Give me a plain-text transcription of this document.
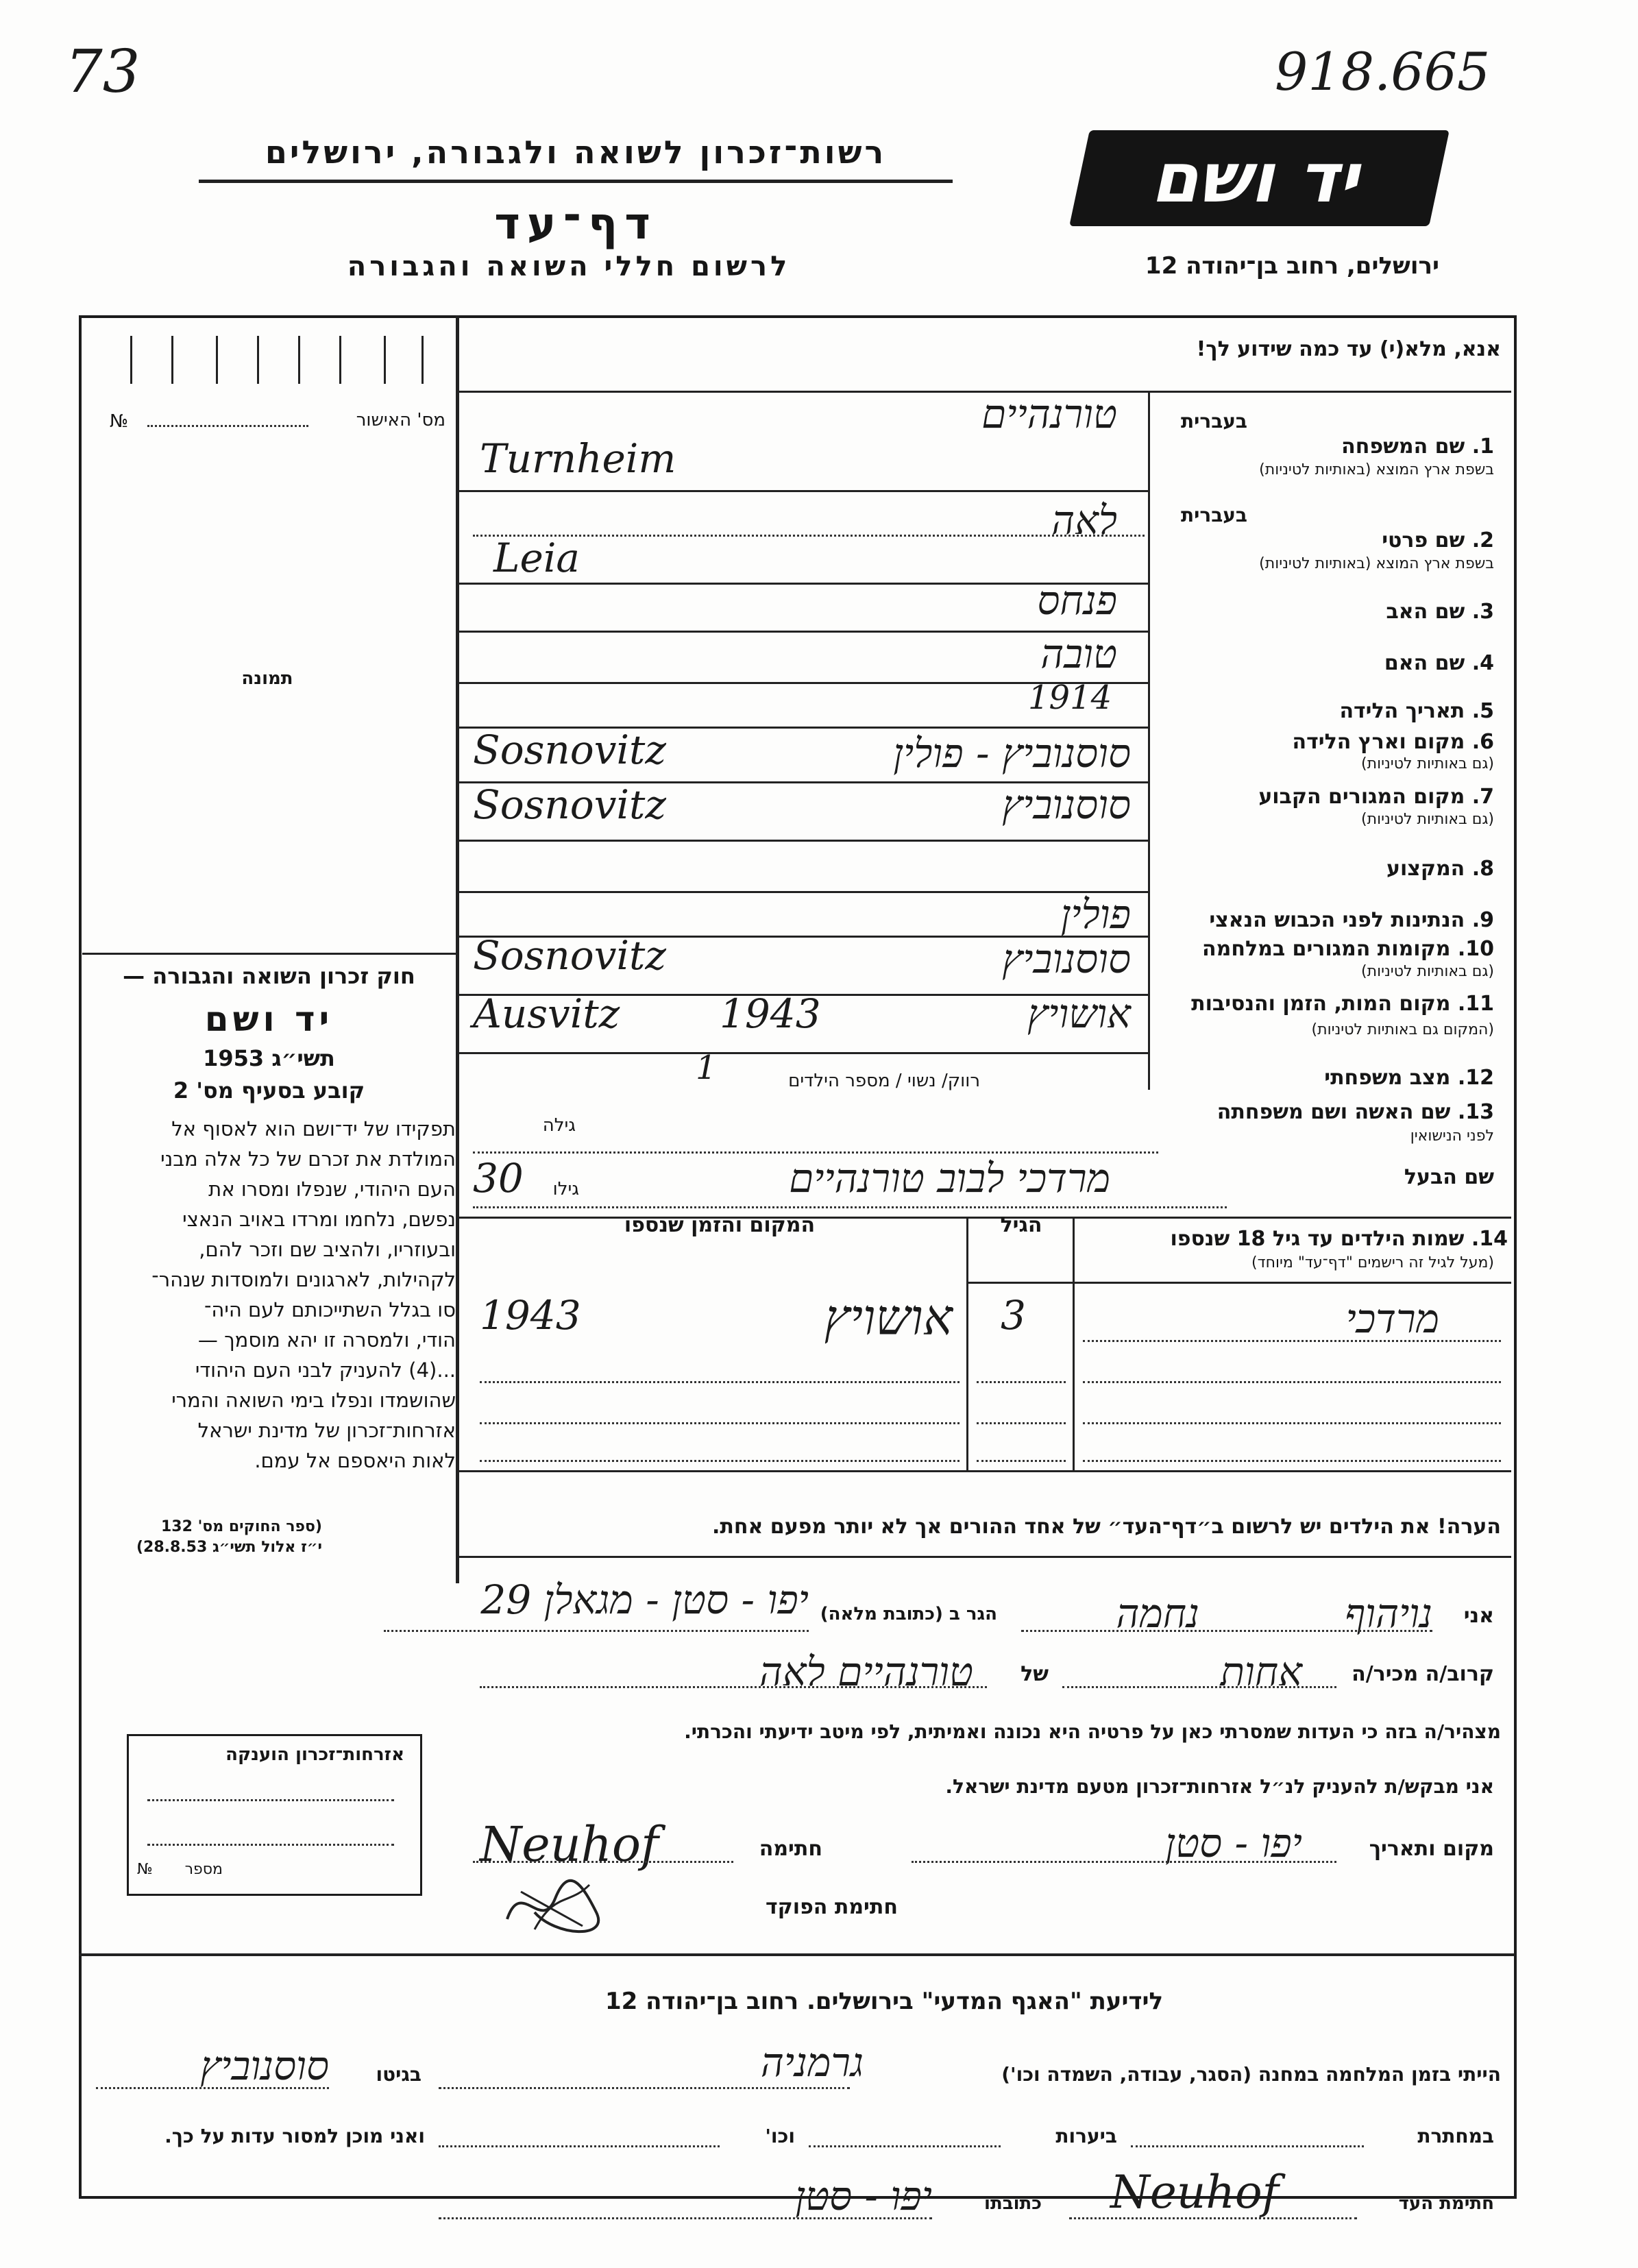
73	918.665
יד ושם
רשות־זכרון לשואה ולגבורה, ירושלים
דף־עד
לרשום חללי השואה והגבורה	ירושלים, רחוב בן־יהודה 12
אנא, מלא(י) עד כמה שידוע לך!
מס' האישור
№
תמונה
חוק זכרון השואה והגבורה —
יד ושם
תשי״ג 1953
קובע בסעיף מס' 2
תפקידו של יד־ושם הוא לאסוף אל
המולדת את זכרם של כל אלה מבני
העם היהודי, שנפלו ומסרו את
נפשם, נלחמו ומרדו באויב הנאצי
ובעוזריו, ולהציב שם וזכר להם,
לקהילות, לארגונים ולמוסדות שנהר־
סו בגלל השתייכותם לעם היה־
הודי, ולמסרה זו יהא מוסמך —
...(4) להעניק לבני העם היהודי
שהושמדו ונפלו בימי השואה והמרי
אזרחות־זכרון של מדינת ישראל
לאות היאספם אל עמם.
(ספר החוקים מס' 132
י״ז אלול תשי״ג 28.8.53)
אזרחות־זכרון הוענקה
מספר
№
בעברית
1. שם המשפחה
בשפת ארץ המוצא (באותיות לטיניות)
בעברית
2. שם פרטי
בשפת ארץ המוצא (באותיות לטיניות)
3. שם האב
4. שם האם
5. תאריך הלידה
6. מקום וארץ הלידה
(גם באותיות לטיניות)
7. מקום המגורים הקבוע
(גם באותיות לטיניות)
8. המקצוע
9. הנתינות לפני הכבוש הנאצי
10. מקומות המגורים במלחמה
(גם באותיות לטיניות)
11. מקום המות, הזמן והנסיבות
(המקום גם באותיות לטיניות)
12. מצב משפחתי
רווק/ נשוי / מספר הילדים
13. שם האשה ושם משפחתה
לפני הנישואין
גילה
שם הבעל
גילו
טורנהיים
Turnheim
לאה
Leia
פנחס
טובה
1914
סוסנוביץ - פולין
Sosnovitz
סוסנוביץ
Sosnovitz
פולין
סוסנוביץ
Sosnovitz
אושויץ
1943
Ausvitz
1
מרדכי לבוב טורנהיים
30
14. שמות הילדים עד גיל 18 שנספו
(מעל לגיל זה רישמים "דף־עד" מיוחד)
הגיל
המקום והזמן שנספו
מרדכי
3
אושויץ
1943
הערה! את הילדים יש לרשום ב״דף־העד״ של אחד ההורים אך לא יותר מפעם אחת.
אני
נויהוף
נחמה
הגר ב (כתובת מלאה)
יפו - סטן - מגאלן 29
קרוב/ה מכיר/ה
אחות
של
טורנהיים לאה
מצהיר/ה בזה כי העדות שמסרתי כאן על פרטיה היא נכונה ואמיתית, לפי מיטב ידיעתי והכרתי.
אני מבקש/ת להעניק לנ״ל אזרחות־זכרון מטעם מדינת ישראל.
מקום ותאריך
יפו - סטן
חתימה
Neuhof
חתימת הפוקד
לידיעת "האגף המדעי" בירושלים. רחוב בן־יהודה 12
הייתי בזמן המלחמה במחנה (הסגר, עבודה, השמדה וכו')
גרמניה
בגיטו
סוסנוביץ
במחתרת
ביערות
וכו'
ואני מוכן למסור עדות על כך.
חתימת העד
Neuhof
כתובתו
יפו - סטן
